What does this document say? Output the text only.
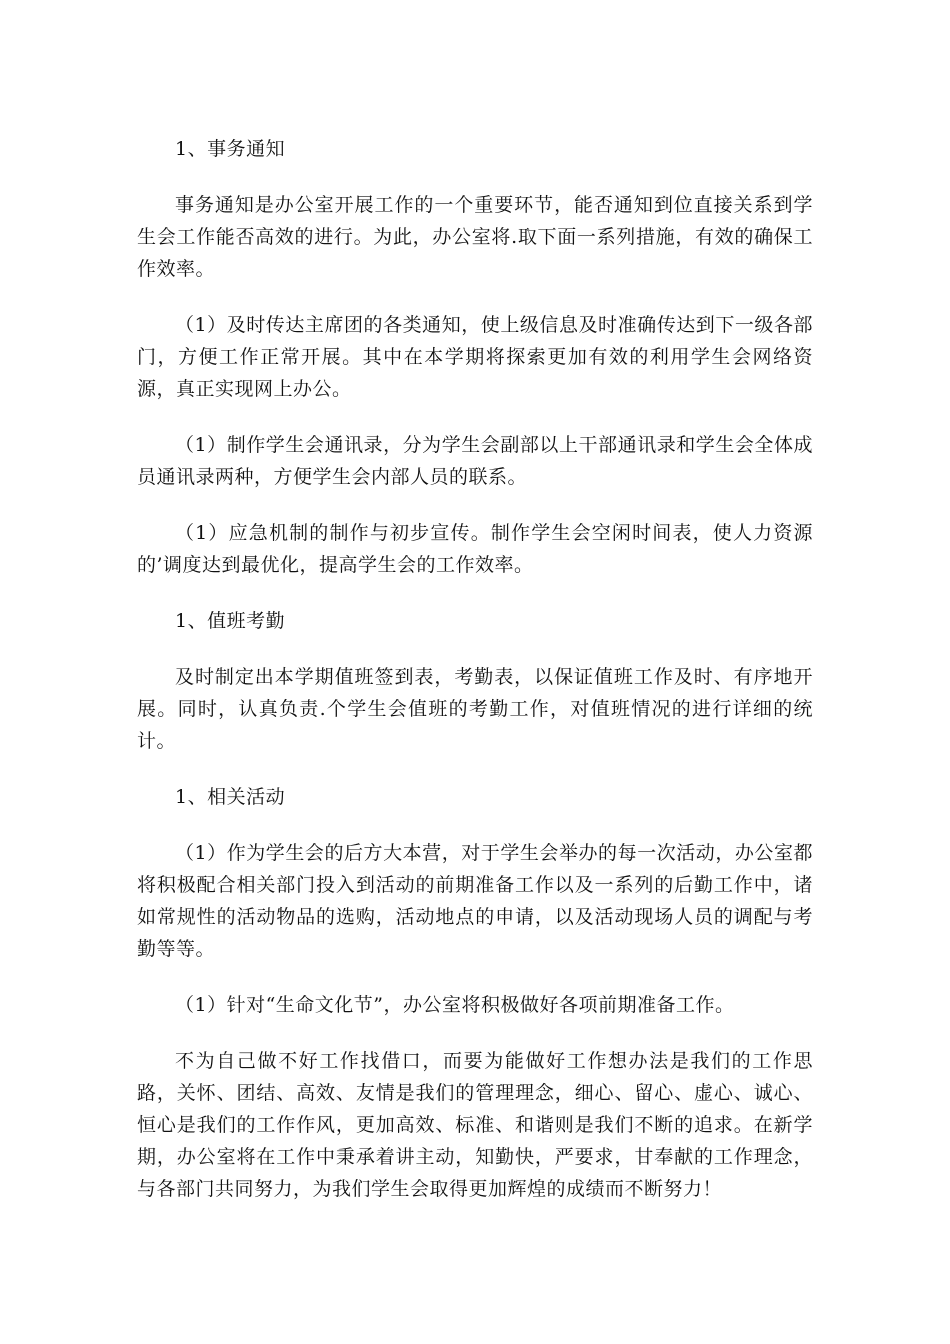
1、事务通知

事务通知是办公室开展工作的一个重要环节，能否通知到位直接关系到学生会工作能否高效的进行。为此，办公室将.取下面一系列措施，有效的确保工作效率。

（1）及时传达主席团的各类通知，使上级信息及时准确传达到下一级各部门，方便工作正常开展。其中在本学期将探索更加有效的利用学生会网络资源，真正实现网上办公。

（1）制作学生会通讯录，分为学生会副部以上干部通讯录和学生会全体成员通讯录两种，方便学生会内部人员的联系。

（1）应急机制的制作与初步宣传。制作学生会空闲时间表，使人力资源的’调度达到最优化，提高学生会的工作效率。

1、值班考勤

及时制定出本学期值班签到表，考勤表，以保证值班工作及时、有序地开展。同时，认真负责.个学生会值班的考勤工作，对值班情况的进行详细的统计。

1、相关活动

（1）作为学生会的后方大本营，对于学生会举办的每一次活动，办公室都将积极配合相关部门投入到活动的前期准备工作以及一系列的后勤工作中，诸如常规性的活动物品的选购，活动地点的申请，以及活动现场人员的调配与考勤等等。

（1）针对“生命文化节”，办公室将积极做好各项前期准备工作。

不为自己做不好工作找借口，而要为能做好工作想办法是我们的工作思路，关怀、团结、高效、友情是我们的管理理念，细心、留心、虚心、诚心、恒心是我们的工作作风，更加高效、标准、和谐则是我们不断的追求。在新学期，办公室将在工作中秉承着讲主动，知勤快，严要求，甘奉献的工作理念，与各部门共同努力，为我们学生会取得更加辉煌的成绩而不断努力！
